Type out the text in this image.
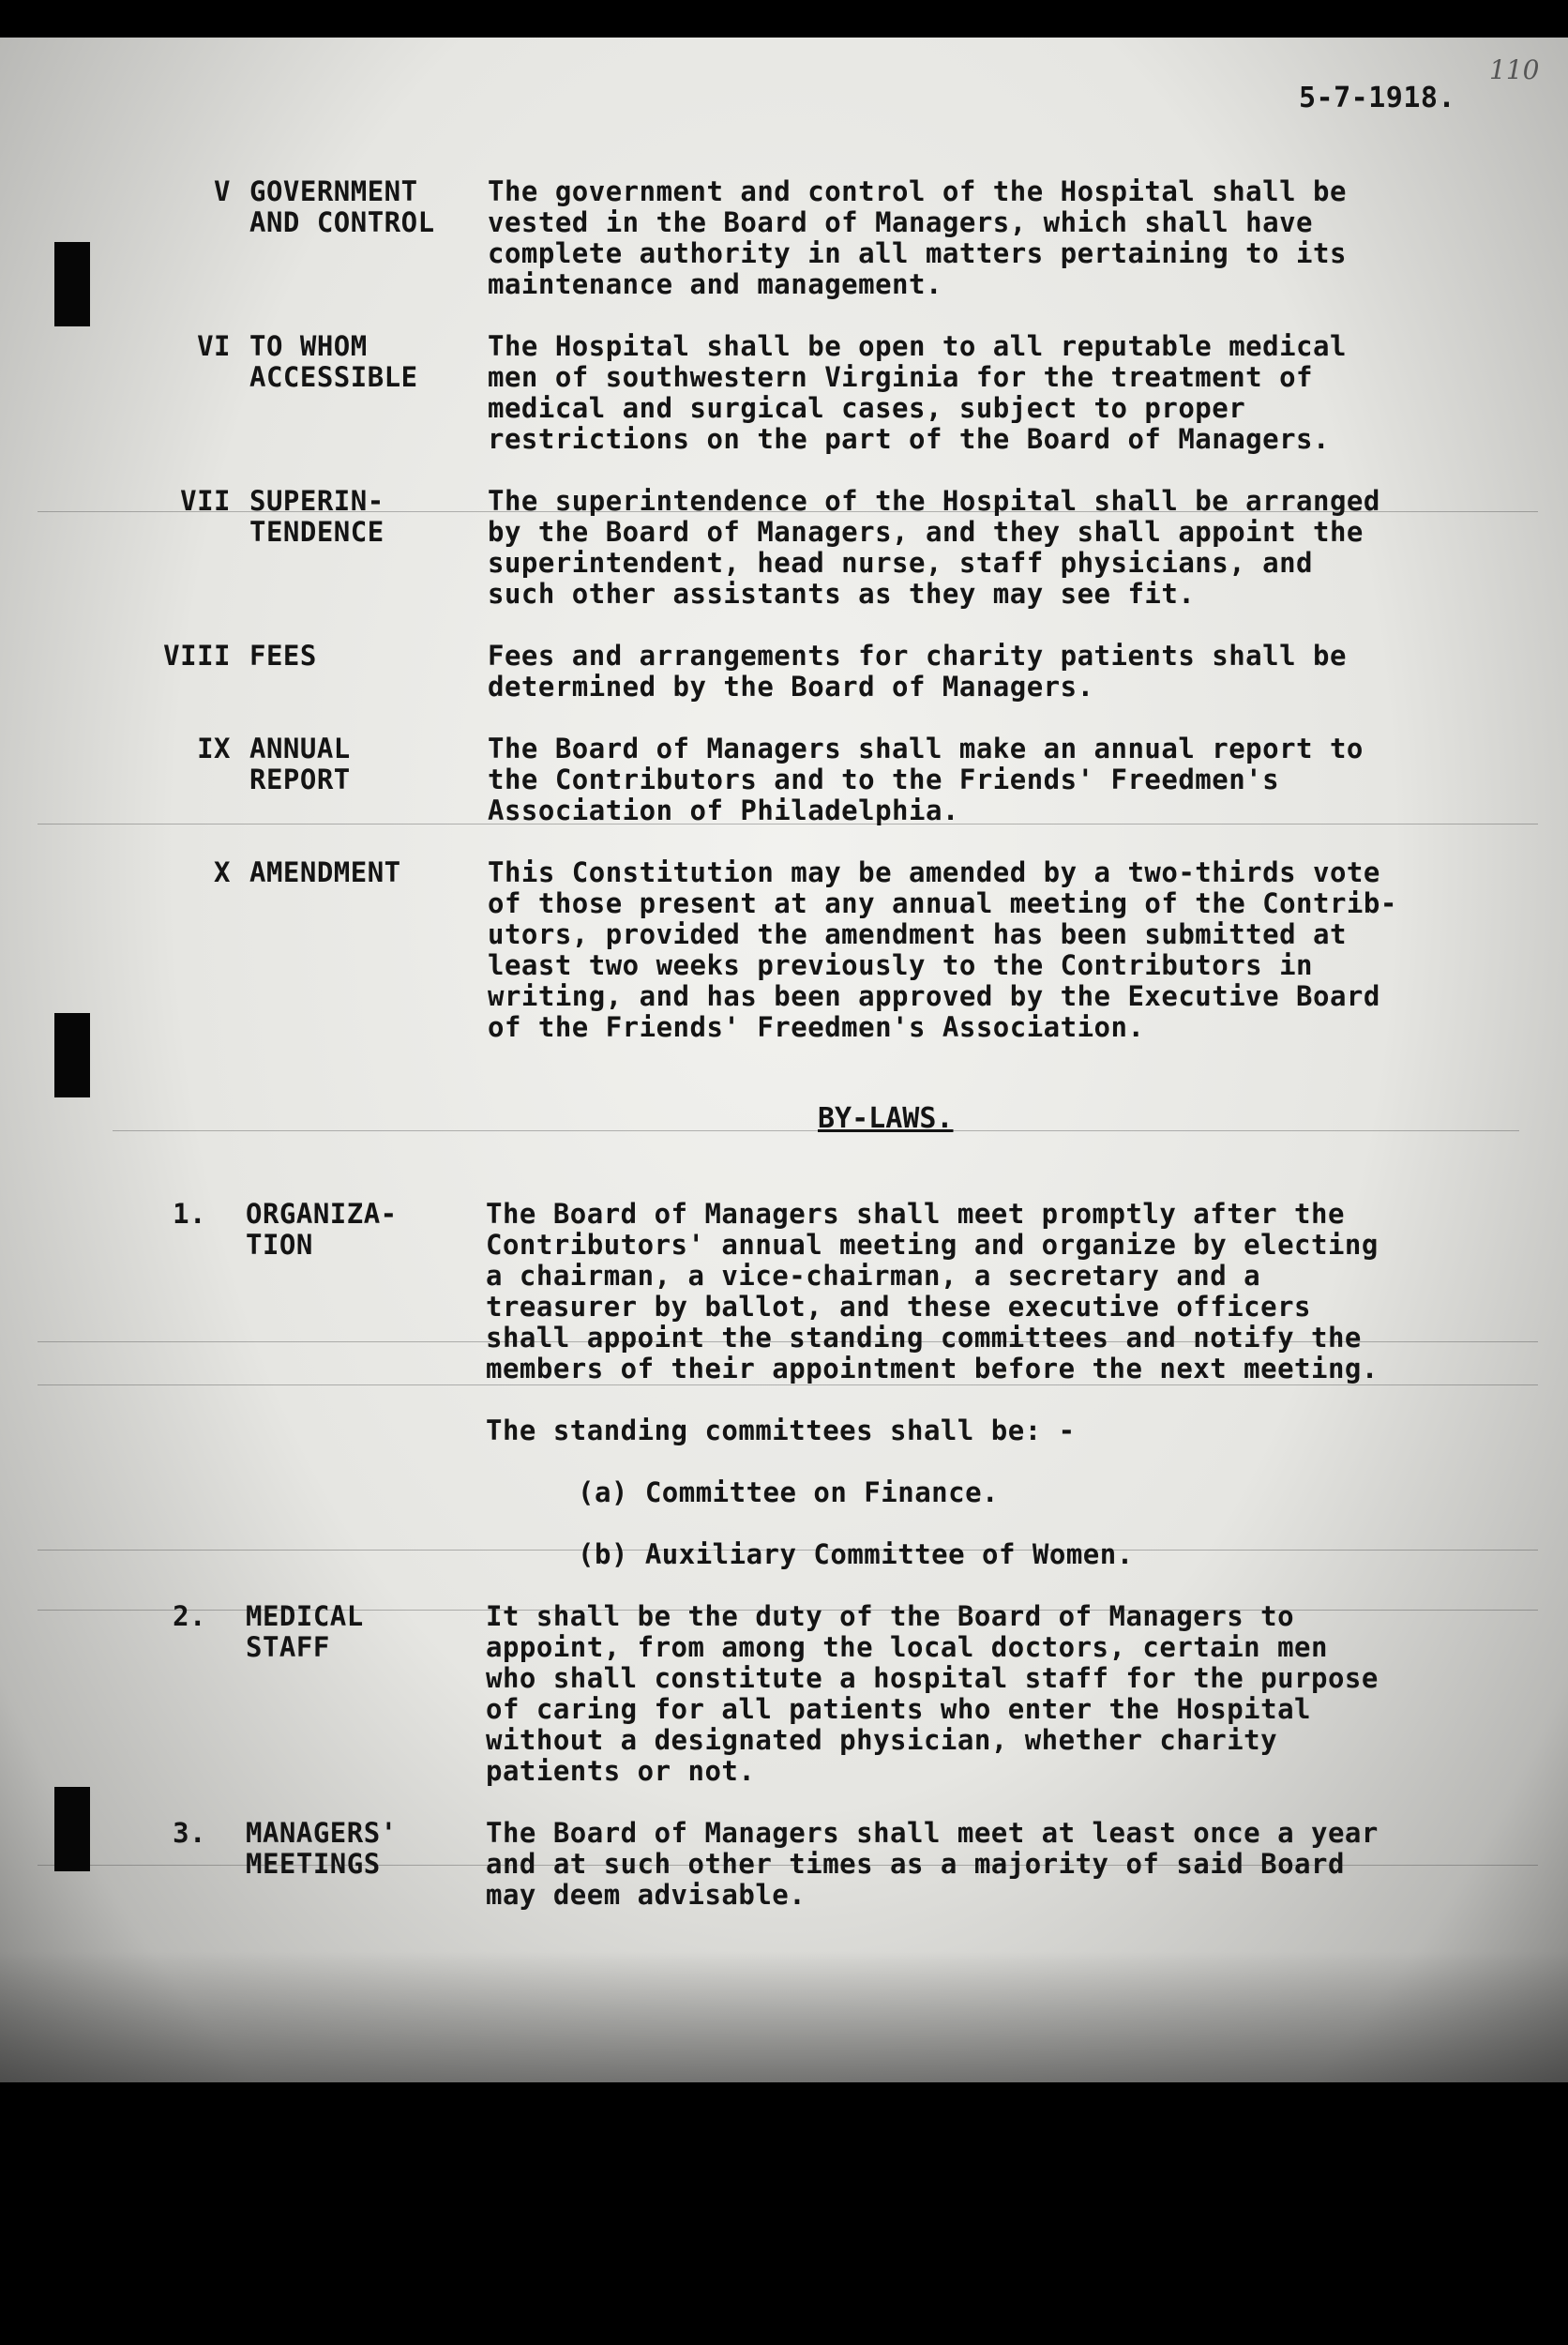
110
5-7-1918.
V GOVERNMENT
AND CONTROL
The government and control of the Hospital shall be
vested in the Board of Managers, which shall have
complete authority in all matters pertaining to its
maintenance and management.
VI TO WHOM
ACCESSIBLE
The Hospital shall be open to all reputable medical
men of southwestern Virginia for the treatment of
medical and surgical cases, subject to proper
restrictions on the part of the Board of Managers.
VII SUPERIN-
TENDENCE
The superintendence of the Hospital shall be arranged
by the Board of Managers, and they shall appoint the
superintendent, head nurse, staff physicians, and
such other assistants as they may see fit.
VIII FEES	Fees and arrangements for charity patients shall be
determined by the Board of Managers.
IX ANNUAL
REPORT
The Board of Managers shall make an annual report to
the Contributors and to the Friends' Freedmen's
Association of Philadelphia.
X AMENDMENT	This Constitution may be amended by a two-thirds vote
of those present at any annual meeting of the Contrib-
utors, provided the amendment has been submitted at
least two weeks previously to the Contributors in
writing, and has been approved by the Executive Board
of the Friends' Freedmen's Association.
BY-LAWS.
1. ORGANIZA-
TION
The Board of Managers shall meet promptly after the
Contributors' annual meeting and organize by electing
a chairman, a vice-chairman, a secretary and a
treasurer by ballot, and these executive officers
shall appoint the standing committees and notify the
members of their appointment before the next meeting.
The standing committees shall be: -
(a) Committee on Finance.
(b) Auxiliary Committee of Women.
2. MEDICAL
STAFF
It shall be the duty of the Board of Managers to
appoint, from among the local doctors, certain men
who shall constitute a hospital staff for the purpose
of caring for all patients who enter the Hospital
without a designated physician, whether charity
patients or not.
3. MANAGERS'
MEETINGS
The Board of Managers shall meet at least once a year
and at such other times as a majority of said Board
may deem advisable.
